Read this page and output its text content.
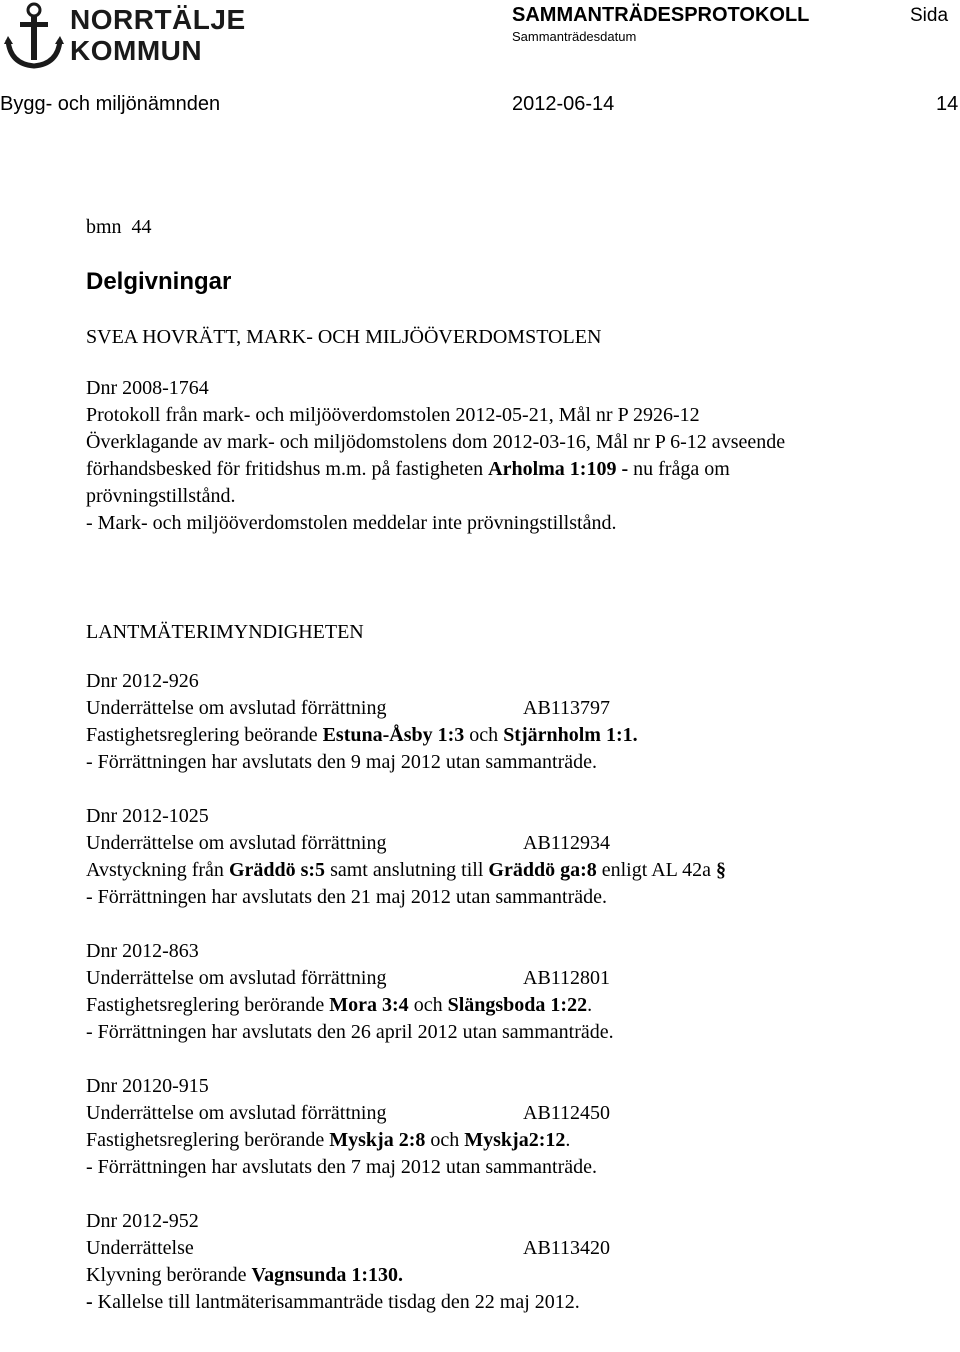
NORRTÄLJE
KOMMUN
SAMMANTRÄDESPROTOKOLL
Sammanträdesdatum
Sida
Bygg- och miljönämnden	2012-06-14	14

bmn  44

Delgivningar

SVEA HOVRÄTT, MARK- OCH MILJÖÖVERDOMSTOLEN

Dnr 2008-1764

Protokoll från mark- och miljööverdomstolen 2012-05-21, Mål nr P 2926-12

Överklagande av mark- och miljödomstolens dom 2012-03-16, Mål nr P 6-12 avseende

förhandsbesked för fritidshus m.m. på fastigheten Arholma 1:109 - nu fråga om

prövningstillstånd.

- Mark- och miljööverdomstolen meddelar inte prövningstillstånd.

LANTMÄTERIMYNDIGHETEN

Dnr 2012-926

Underrättelse om avslutad förrättning	AB113797

Fastighetsreglering beörande Estuna-Åsby 1:3 och Stjärnholm 1:1.

- Förrättningen har avslutats den 9 maj 2012 utan sammanträde.

Dnr 2012-1025

Underrättelse om avslutad förrättning	AB112934

Avstyckning från Gräddö s:5 samt anslutning till Gräddö ga:8 enligt AL 42a §

- Förrättningen har avslutats den 21 maj 2012 utan sammanträde.

Dnr 2012-863

Underrättelse om avslutad förrättning	AB112801

Fastighetsreglering berörande Mora 3:4 och Slängsboda 1:22.

- Förrättningen har avslutats den 26 april 2012 utan sammanträde.

Dnr 20120-915

Underrättelse om avslutad förrättning	AB112450

Fastighetsreglering berörande Myskja 2:8 och Myskja2:12.

- Förrättningen har avslutats den 7 maj 2012 utan sammanträde.

Dnr 2012-952

Underrättelse	AB113420

Klyvning berörande Vagnsunda 1:130.

- Kallelse till lantmäterisammanträde tisdag den 22 maj 2012.
